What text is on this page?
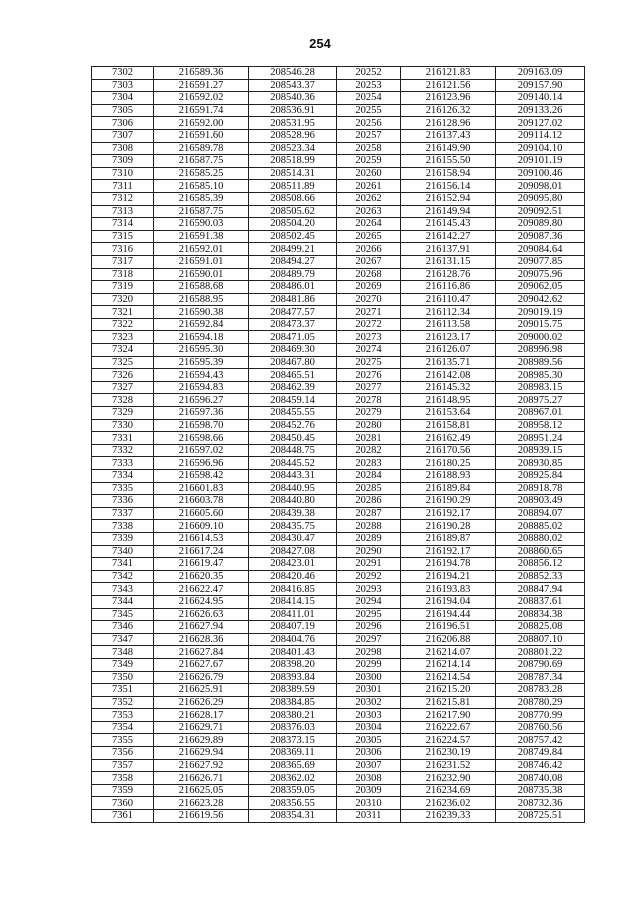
254
7302	216589.36	208546.28	20252	216121.83	209163.09
7303	216591.27	208543.37	20253	216121.56	209157.90
7304	216592.02	208540.36	20254	216123.96	209140.14
7305	216591.74	208536.91	20255	216126.32	209133.26
7306	216592.00	208531.95	20256	216128.96	209127.02
7307	216591.60	208528.96	20257	216137.43	209114.12
7308	216589.78	208523.34	20258	216149.90	209104.10
7309	216587.75	208518.99	20259	216155.50	209101.19
7310	216585.25	208514.31	20260	216158.94	209100.46
7311	216585.10	208511.89	20261	216156.14	209098.01
7312	216585.39	208508.66	20262	216152.94	209095.80
7313	216587.75	208505.62	20263	216149.94	209092.51
7314	216590.03	208504.20	20264	216145.43	209089.80
7315	216591.38	208502.45	20265	216142.27	209087.36
7316	216592.01	208499.21	20266	216137.91	209084.64
7317	216591.01	208494.27	20267	216131.15	209077.85
7318	216590.01	208489.79	20268	216128.76	209075.96
7319	216588.68	208486.01	20269	216116.86	209062.05
7320	216588.95	208481.86	20270	216110.47	209042.62
7321	216590.38	208477.57	20271	216112.34	209019.19
7322	216592.84	208473.37	20272	216113.58	209015.75
7323	216594.18	208471.05	20273	216123.17	209000.02
7324	216595.30	208469.30	20274	216126.07	208996.98
7325	216595.39	208467.80	20275	216135.71	208989.56
7326	216594.43	208465.51	20276	216142.08	208985.30
7327	216594.83	208462.39	20277	216145.32	208983.15
7328	216596.27	208459.14	20278	216148.95	208975.27
7329	216597.36	208455.55	20279	216153.64	208967.01
7330	216598.70	208452.76	20280	216158.81	208958.12
7331	216598.66	208450.45	20281	216162.49	208951.24
7332	216597.02	208448.75	20282	216170.56	208939.15
7333	216596.96	208445.52	20283	216180.25	208930.85
7334	216598.42	208443.31	20284	216188.93	208925.84
7335	216601.83	208440.95	20285	216189.84	208918.78
7336	216603.78	208440.80	20286	216190.29	208903.49
7337	216605.60	208439.38	20287	216192.17	208894.07
7338	216609.10	208435.75	20288	216190.28	208885.02
7339	216614.53	208430.47	20289	216189.87	208880.02
7340	216617.24	208427.08	20290	216192.17	208860.65
7341	216619.47	208423.01	20291	216194.78	208856.12
7342	216620.35	208420.46	20292	216194.21	208852.33
7343	216622.47	208416.85	20293	216193.83	208847.94
7344	216624.95	208414.15	20294	216194.04	208837.61
7345	216626.63	208411.01	20295	216194.44	208834.38
7346	216627.94	208407.19	20296	216196.51	208825.08
7347	216628.36	208404.76	20297	216206.88	208807.10
7348	216627.84	208401.43	20298	216214.07	208801.22
7349	216627.67	208398.20	20299	216214.14	208790.69
7350	216626.79	208393.84	20300	216214.54	208787.34
7351	216625.91	208389.59	20301	216215.20	208783.28
7352	216626.29	208384.85	20302	216215.81	208780.29
7353	216628.17	208380.21	20303	216217.90	208770.99
7354	216629.71	208376.03	20304	216222.67	208760.56
7355	216629.89	208373.15	20305	216224.57	208757.42
7356	216629.94	208369.11	20306	216230.19	208749.84
7357	216627.92	208365.69	20307	216231.52	208746.42
7358	216626.71	208362.02	20308	216232.90	208740.08
7359	216625.05	208359.05	20309	216234.69	208735.38
7360	216623.28	208356.55	20310	216236.02	208732.36
7361	216619.56	208354.31	20311	216239.33	208725.51
